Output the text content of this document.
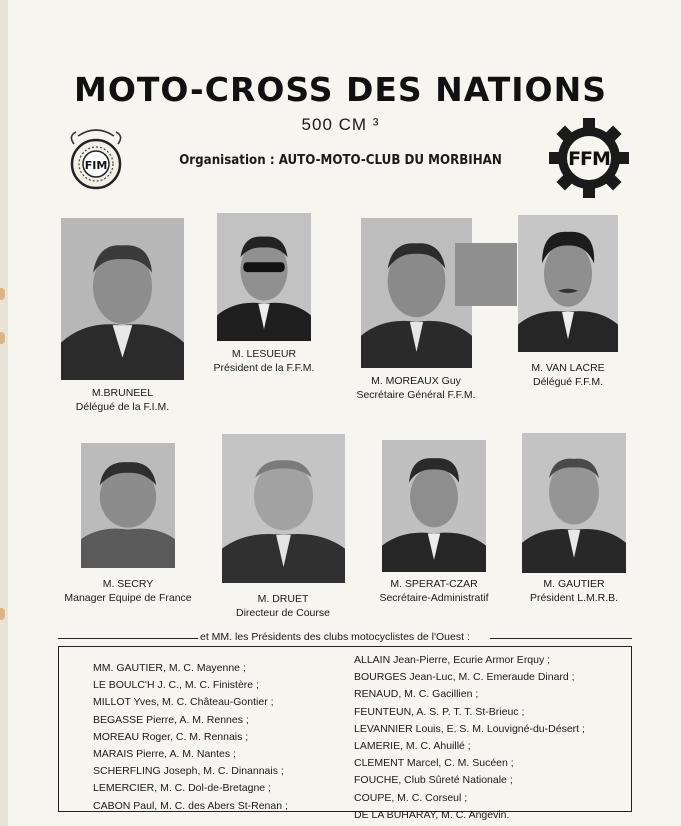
MOTO-CROSS DES NATIONS
500 CM ³
Organisation : AUTO-MOTO-CLUB DU MORBIHAN
FIM	FFM
M.BRUNEEL
Délégué de la F.I.M.
M. LESUEUR
Président de la F.F.M.
M. MOREAUX Guy
Secrétaire Général F.F.M.
M. VAN LACRE
Délégué F.F.M.
M. SECRY
Manager Equipe de France	M. DRUET
Directeur de Course
M. SPERAT-CZAR
Secrétaire-Administratif
M. GAUTIER
Président L.M.R.B.
et MM. les Présidents des clubs motocyclistes de l'Ouest :
MM. GAUTIER, M. C. Mayenne ;
LE BOULC'H J. C., M. C. Finistère ;
MILLOT Yves, M. C. Château-Gontier ;
BEGASSE Pierre, A. M. Rennes ;
MOREAU Roger, C. M. Rennais ;
MARAIS Pierre, A. M. Nantes ;
SCHERFLING Joseph, M. C. Dinannais ;
LEMERCIER, M. C. Dol-de-Bretagne ;
CABON Paul, M. C. des Abers St-Renan ;
ALLAIN Jean-Pierre, Ecurie Armor Erquy ;
BOURGES Jean-Luc, M. C. Emeraude Dinard ;
RENAUD, M. C. Gacillien ;
FEUNTEUN, A. S. P. T. T. St-Brieuc ;
LEVANNIER Louis, E. S. M. Louvigné-du-Désert ;
LAMERIE, M. C. Ahuillé ;
CLEMENT Marcel, C. M. Sucéen ;
FOUCHE, Club Sûreté Nationale ;
COUPE, M. C. Corseul ;
DE LA BUHARAY, M. C. Angevin.
